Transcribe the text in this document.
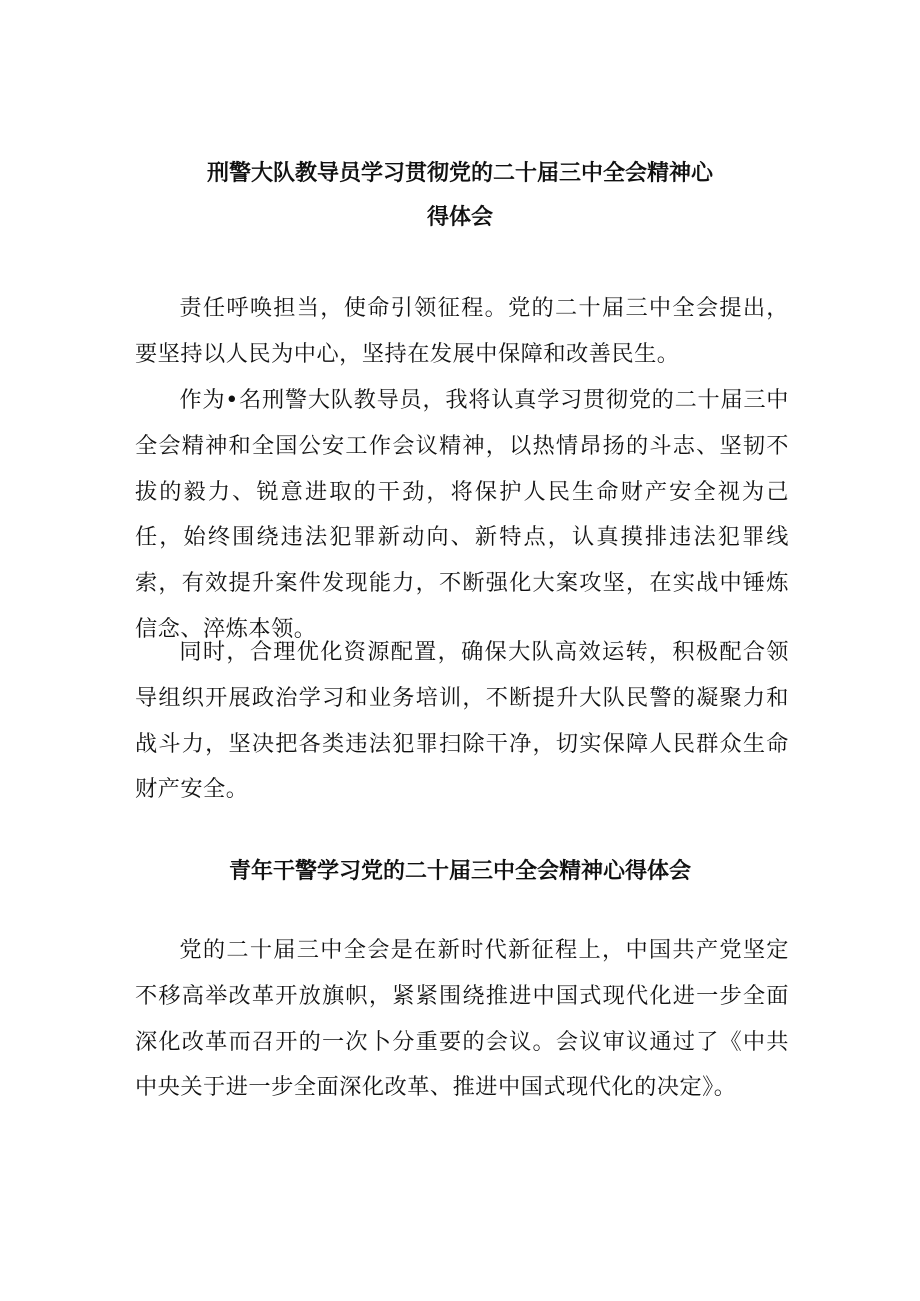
刑警大队教导员学习贯彻党的二十届三中全会精神心
得体会

责任呼唤担当，使命引领征程。党的二十届三中全会提出，要坚持以人民为中心，坚持在发展中保障和改善民生。

作为•名刑警大队教导员，我将认真学习贯彻党的二十届三中全会精神和全国公安工作会议精神，以热情昂扬的斗志、坚韧不拔的毅力、锐意进取的干劲，将保护人民生命财产安全视为己任，始终围绕违法犯罪新动向、新特点，认真摸排违法犯罪线索，有效提升案件发现能力，不断强化大案攻坚，在实战中锤炼信念、淬炼本领。

同时，合理优化资源配置，确保大队高效运转，积极配合领导组织开展政治学习和业务培训，不断提升大队民警的凝聚力和战斗力，坚决把各类违法犯罪扫除干净，切实保障人民群众生命财产安全。

青年干警学习党的二十届三中全会精神心得体会

党的二十届三中全会是在新时代新征程上，中国共产党坚定不移高举改革开放旗帜，紧紧围绕推进中国式现代化进一步全面深化改革而召开的一次卜分重要的会议。会议审议通过了《中共中央关于进一步全面深化改革、推进中国式现代化的决定》。
